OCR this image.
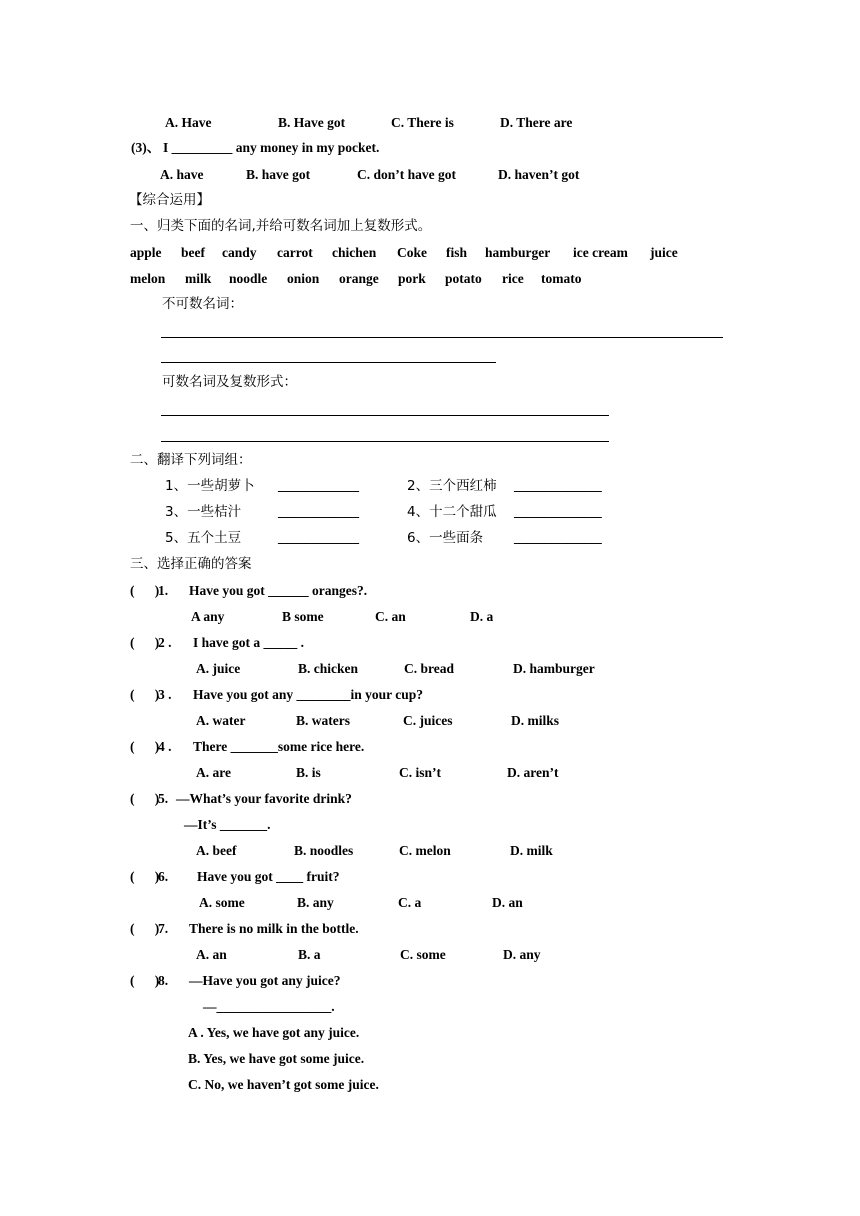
A. Have	B. Have got	C. There is	D. There are
(3)、 I _________ any money in my pocket.
A. have	B. have got	C. don’t have got	D. haven’t got
【综合运用】
一、归类下面的名词,并给可数名词加上复数形式。
apple beef candy carrot chichen Coke fish hamburger ice cream juice
melon milk noodle onion orange pork potato rice tomato
不可数名词：
可数名词及复数形式：
二、翻译下列词组：
1、一些胡萝卜 ____________	2、三个西红柿 _____________
3、一些桔汁	____________	4、十二个甜瓜 _____________
5、五个土豆	____________	6、一些面条 _____________
三、选择正确的答案
(      )
1. Have you got ______ oranges?.
A any	B some	C. an	D. a
(      )
2 . I have got a _____ .
A. juice	B. chicken	C. bread	D. hamburger
(      )
3 . Have you got any ________in your cup?
A. water	B. waters	C. juices	D. milks
(      )
4 . There _______some rice here.
A. are	B. is	C. isn’t	D. aren’t
(      )
5. —What’s your favorite drink?
—It’s _______.
A. beef	B. noodles	C. melon	D. milk
(      )
6. Have you got ____ fruit?
A. some	B. any	C. a	D. an
(      )
7. There is no milk in the bottle.
A. an	B. a	C. some	D. any
(      )
8. —Have you got any juice?
—_________________.
A . Yes, we have got any juice.
B. Yes, we have got some juice.
C. No, we haven’t got some juice.
